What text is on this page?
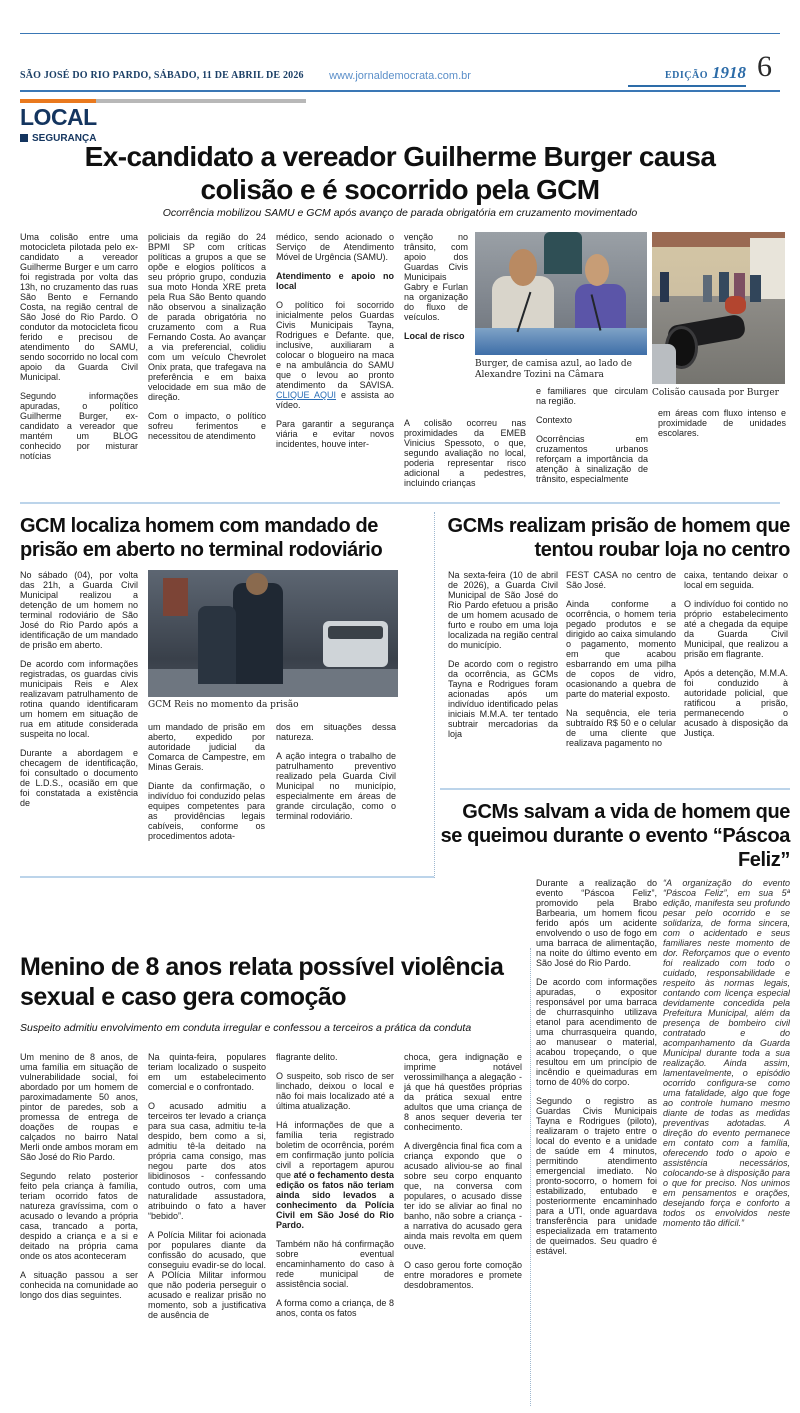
SÃO JOSÉ DO RIO PARDO, SÁBADO, 11 DE ABRIL DE 2026	www.jornaldemocrata.com.br	EDIÇÃO 1918 6
LOCAL
SEGURANÇA
Ex-candidato a vereador Guilherme Burger causa colisão e é socorrido pela GCM
Ocorrência mobilizou SAMU e GCM após avanço de parada obrigatória em cruzamento movimentado

Uma colisão entre uma motocicleta pilotada pelo ex-candidato a vereador Guilherme Burger e um carro foi registrada por volta das 13h, no cruzamento das ruas São Bento e Fernando Costa, na região central de São José do Rio Pardo. O condutor da motocicleta ficou ferido e precisou de atendimento do SAMU, sendo socorrido no local com apoio da Guarda Civil Municipal.

Segundo informações apuradas, o político Guilherme Burger, ex-candidato a vereador que mantém um BLOG conhecido por misturar notícias

policiais da região do 24 BPMI SP com críticas políticas a grupos a que se opõe e elogios políticos a seu próprio grupo, conduzia sua moto Honda XRE preta pela Rua São Bento quando não observou a sinalização de parada obrigatória no cruzamento com a Rua Fernando Costa. Ao avançar a via preferencial, colidiu com um veículo Chevrolet Onix prata, que trafegava na preferência e em baixa velocidade em sua mão de direção.

Com o impacto, o político sofreu ferimentos e necessitou de atendimento

médico, sendo acionado o Serviço de Atendimento Móvel de Urgência (SAMU).

Atendimento e apoio no local

O político foi socorrido inicialmente pelos Guardas Civis Municipais Tayna, Rodrigues e Defante. que, inclusive, auxiliaram a colocar o blogueiro na maca e na ambulância do SAMU que o levou ao pronto atendimento da SAVISA. CLIQUE AQUI e assista ao vídeo.

Para garantir a segurança viária e evitar novos incidentes, houve inter-

venção no trânsito, com apoio dos Guardas Civis Municipais Gabry e Furlan na organização do fluxo de veículos.

Local de risco

A colisão ocorreu nas proximidades da EMEB Vinicius Spessoto, o que, segundo avaliação no local, poderia representar risco adicional a pedestres, incluindo crianças

e familiares que circulam na região.

Contexto

Ocorrências em cruzamentos urbanos reforçam a importância da atenção à sinalização de trânsito, especialmente

em áreas com fluxo intenso e proximidade de unidades escolares.

Burger, de camisa azul, ao lado de Alexandre Tozini na Câmara
Colisão causada por Burger
GCM localiza homem com mandado de prisão em aberto no terminal rodoviário

No sábado (04), por volta das 21h, a Guarda Civil Municipal realizou a detenção de um homem no terminal rodoviário de São José do Rio Pardo após a identificação de um mandado de prisão em aberto.

De acordo com informações registradas, os guardas civis municipais Reis e Alex realizavam patrulhamento de rotina quando identificaram um homem em situação de rua em atitude considerada suspeita no local.

Durante a abordagem e checagem de identificação, foi consultado o documento de L.D.S., ocasião em que foi constatada a existência de

GCM Reis no momento da prisão

um mandado de prisão em aberto, expedido por autoridade judicial da Comarca de Campestre, em Minas Gerais.

Diante da confirmação, o indivíduo foi conduzido pelas equipes competentes para as providências legais cabíveis, conforme os procedimentos adota-

dos em situações dessa natureza.

A ação integra o trabalho de patrulhamento preventivo realizado pela Guarda Civil Municipal no município, especialmente em áreas de grande circulação, como o terminal rodoviário.

GCMs realizam prisão de homem que tentou roubar loja no centro

Na sexta-feira (10 de abril de 2026), a Guarda Civil Municipal de São José do Rio Pardo efetuou a prisão de um homem acusado de furto e roubo em uma loja localizada na região central do município.

De acordo com o registro da ocorrência, as GCMs Tayna e Rodrigues foram acionadas após um indivíduo identificado pelas iniciais M.M.A. ter tentado subtrair mercadorias da loja

FEST CASA no centro de São José.

Ainda conforme a ocorrência, o homem teria pegado produtos e se dirigido ao caixa simulando o pagamento, momento em que acabou esbarrando em uma pilha de copos de vidro, ocasionando a quebra de parte do material exposto.

Na sequência, ele teria subtraído R$ 50 e o celular de uma cliente que realizava pagamento no

caixa, tentando deixar o local em seguida.

O indivíduo foi contido no próprio estabelecimento até a chegada da equipe da Guarda Civil Municipal, que realizou a prisão em flagrante.

Após a detenção, M.M.A. foi conduzido à autoridade policial, que ratificou a prisão, permanecendo o acusado à disposição da Justiça.

GCMs salvam a vida de homem que se queimou durante o evento “Páscoa Feliz”

Durante a realização do evento “Páscoa Feliz”, promovido pela Brabo Barbearia, um homem ficou ferido após um acidente envolvendo o uso de fogo em uma barraca de alimentação, na noite do último evento em São José do Rio Pardo.

De acordo com informações apuradas, o expositor responsável por uma barraca de churrasquinho utilizava etanol para acendimento de uma churrasqueira quando, ao manusear o material, acabou tropeçando, o que resultou em um princípio de incêndio e queimaduras em torno de 40% do corpo.

Segundo o registro as Guardas Civis Municipais Tayna e Rodrigues (piloto), realizaram o trajeto entre o local do evento e a unidade de saúde em 4 minutos, permitindo atendimento emergencial imediato. No pronto-socorro, o homem foi estabilizado, entubado e posteriormente encaminhado para a UTI, onde aguardava transferência para unidade especializada em tratamento de queimados. Seu quadro é estável.

“A organização do evento “Páscoa Feliz”, em sua 5ª edição, manifesta seu profundo pesar pelo ocorrido e se solidariza, de forma sincera, com o acidentado e seus familiares neste momento de dor. Reforçamos que o evento foi realizado com todo o cuidado, responsabilidade e respeito às normas legais, contando com licença especial devidamente concedida pela Prefeitura Municipal, além da presença de bombeiro civil contratado e do acompanhamento da Guarda Municipal durante toda a sua realização. Ainda assim, lamentavelmente, o episódio ocorrido configura-se como uma fatalidade, algo que foge ao controle humano mesmo diante de todas as medidas preventivas adotadas. A direção do evento permanece em contato com a família, oferecendo todo o apoio e assistência necessários, colocando-se à disposição para o que for preciso. Nos unimos em pensamentos e orações, desejando força e conforto a todos os envolvidos neste momento tão difícil.”

Menino de 8 anos relata possível violência sexual e caso gera comoção
Suspeito admitiu envolvimento em conduta irregular e confessou a terceiros a prática da conduta

Um menino de 8 anos, de uma família em situação de vulnerabilidade social, foi abordado por um homem de paroximadamente 50 anos, pintor de paredes, sob a promessa de entrega de doações de roupas e calçados no bairro Natal Merli onde ambos moram em São José do Rio Pardo.

Segundo relato posterior feito pela criança à família, teriam ocorrido fatos de natureza gravíssima, com o acusado o levando a própria casa, trancado a porta, despido a criança e a si e deitado na própria cama onde os atos aconteceram

A situação passou a ser conhecida na comunidade ao longo dos dias seguintes.

Na quinta-feira, populares teriam localizado o suspeito em um estabelecimento comercial e o confrontado.

O acusado admitiu a terceiros ter levado a criança para sua casa, admitiu te-la despido, bem como a si, admitiu tê-la deitado na própria cama consigo, mas negou parte dos atos libidinosos - confessando contudo outros, com uma naturalidade assustadora, atribuindo o fato a haver “bebido”.

A Polícia Militar foi acionada por populares diante da confissão do acusado, que conseguiu evadir-se do local. A POlícia Militar informou que não poderia perseguir o acusado e realizar prisão no momento, sob a justificativa de ausência de

flagrante delito.

O suspeito, sob risco de ser linchado, deixou o local e não foi mais localizado até a última atualização.

Há informações de que a família teria registrado boletim de ocorrência, porém em confirmação junto polícia civil a reportagem apurou que até o fechamento desta edição os fatos não teriam ainda sido levados a conhecimento da Polícia Civil em São José do Rio Pardo.

Também não há confirmação sobre eventual encaminhamento do caso à rede municipal de assistência social.

A forma como a criança, de 8 anos, conta os fatos

choca, gera indignação e imprime notável verossimilhança a alegação - já que há questões próprias da prática sexual entre adultos que uma criança de 8 anos sequer deveria ter conhecimento.

A divergência final fica com a criança expondo que o acusado aliviou-se ao final sobre seu corpo enquanto que, na conversa com populares, o acusado disse ter ido se aliviar ao final no banho, não sobre a criança - a narrativa do acusado gera ainda mais revolta em quem ouve.

O caso gerou forte comoção entre moradores e promete desdobramentos.
